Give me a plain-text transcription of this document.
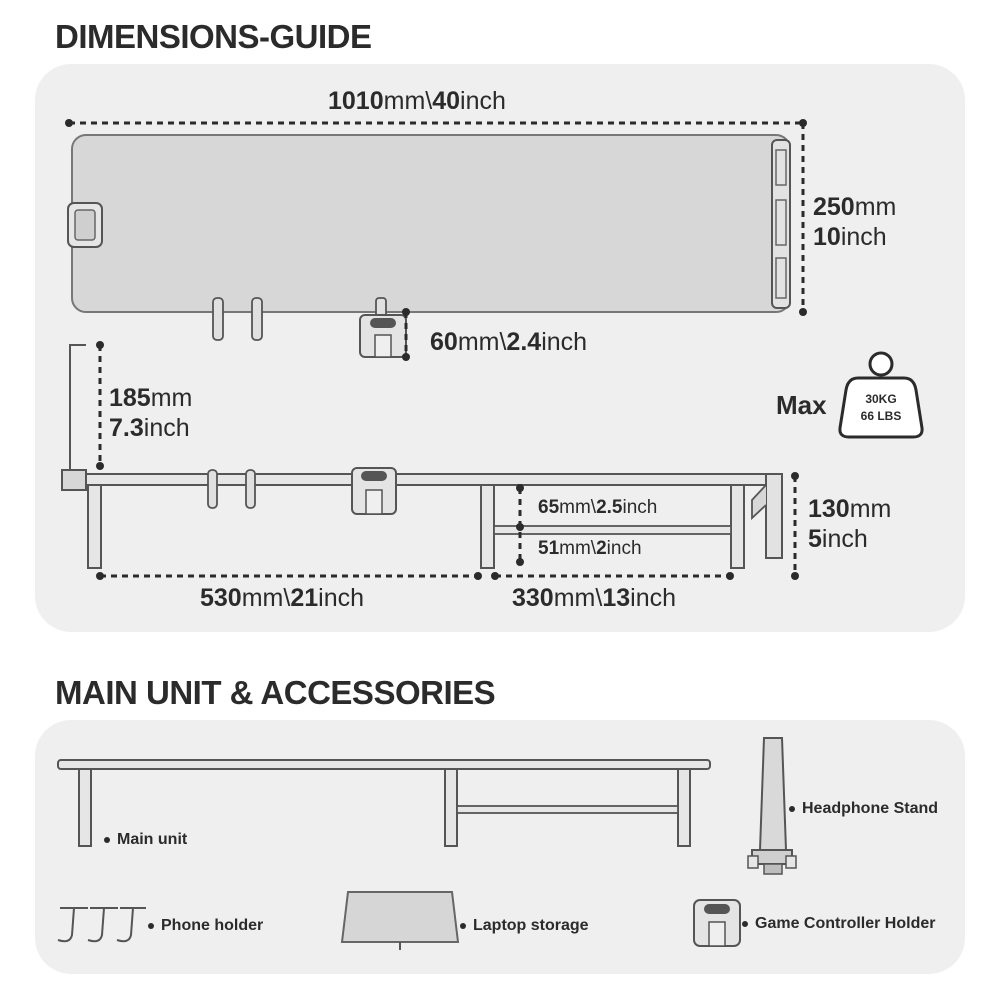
DIMENSIONS-GUIDE
1010mm\40inch
250mm
10inch
60mm\2.4inch
185mm
7.3inch
Max	30KG
66 LBS
65mm\2.5inch
51mm\2inch
130mm
5inch
530mm\21inch	330mm\13inch
MAIN UNIT & ACCESSORIES
Main unit
Headphone Stand
Phone holder	Laptop storage	Game Controller Holder
